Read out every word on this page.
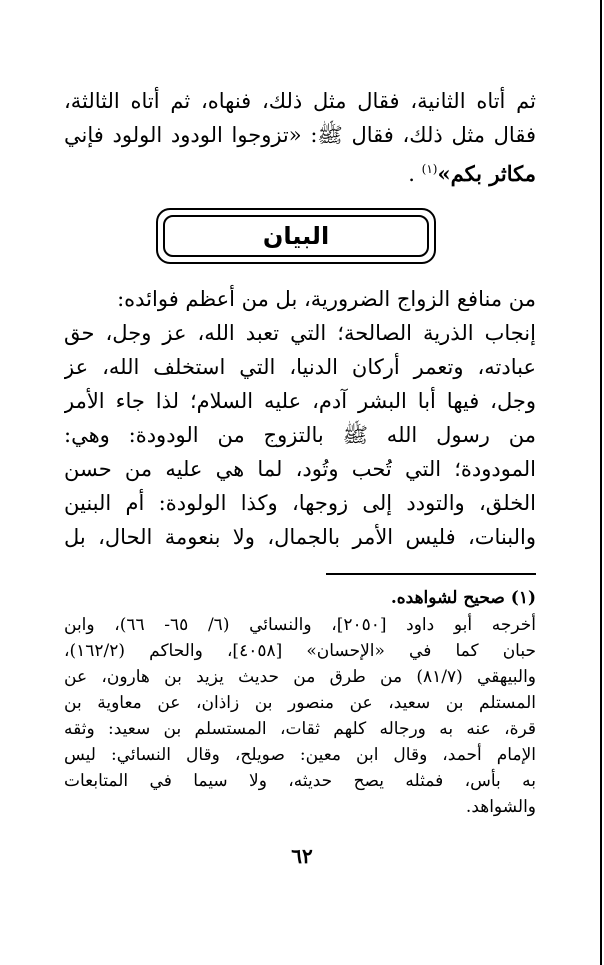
ثم أتاه الثانية، فقال مثل ذلك، فنهاه، ثم أتاه الثالثة،
فقال مثل ذلك، فقال ﷺ: «تزوجوا الودود الولود فإني
مكاثر بكم»$^{(١)}$ .
البيان
من منافع الزواج الضرورية، بل من أعظم فوائده:
إنجاب الذرية الصالحة؛ التي تعبد الله، عز وجل، حق
عبادته، وتعمر أركان الدنيا، التي استخلف الله، عز
وجل، فيها أبا البشر آدم، عليه السلام؛ لذا جاء الأمر
من رسول الله ﷺ بالتزوج من الودودة: وهي:
المودودة؛ التي تُحب وتُود، لما هي عليه من حسن
الخلق، والتودد إلى زوجها، وكذا الولودة: أم البنين
والبنات، فليس الأمر بالجمال، ولا بنعومة الحال، بل
(١) صحيح لشواهده.
أخرجه أبو داود [٢٠٥٠]، والنسائي (٦/ ٦٥- ٦٦)، وابن
حبان كما في «الإحسان» [٤٠٥٨]، والحاكم (١٦٢/٢)،
والبيهقي (٨١/٧) من طرق من حديث يزيد بن هارون، عن
المستلم بن سعيد، عن منصور بن زاذان، عن معاوية بن
قرة، عنه به ورجاله كلهم ثقات، المستسلم بن سعيد: وثقه
الإمام أحمد، وقال ابن معين: صويلح، وقال النسائي: ليس
به بأس، فمثله يصح حديثه، ولا سيما في المتابعات
والشواهد.
٦٢
